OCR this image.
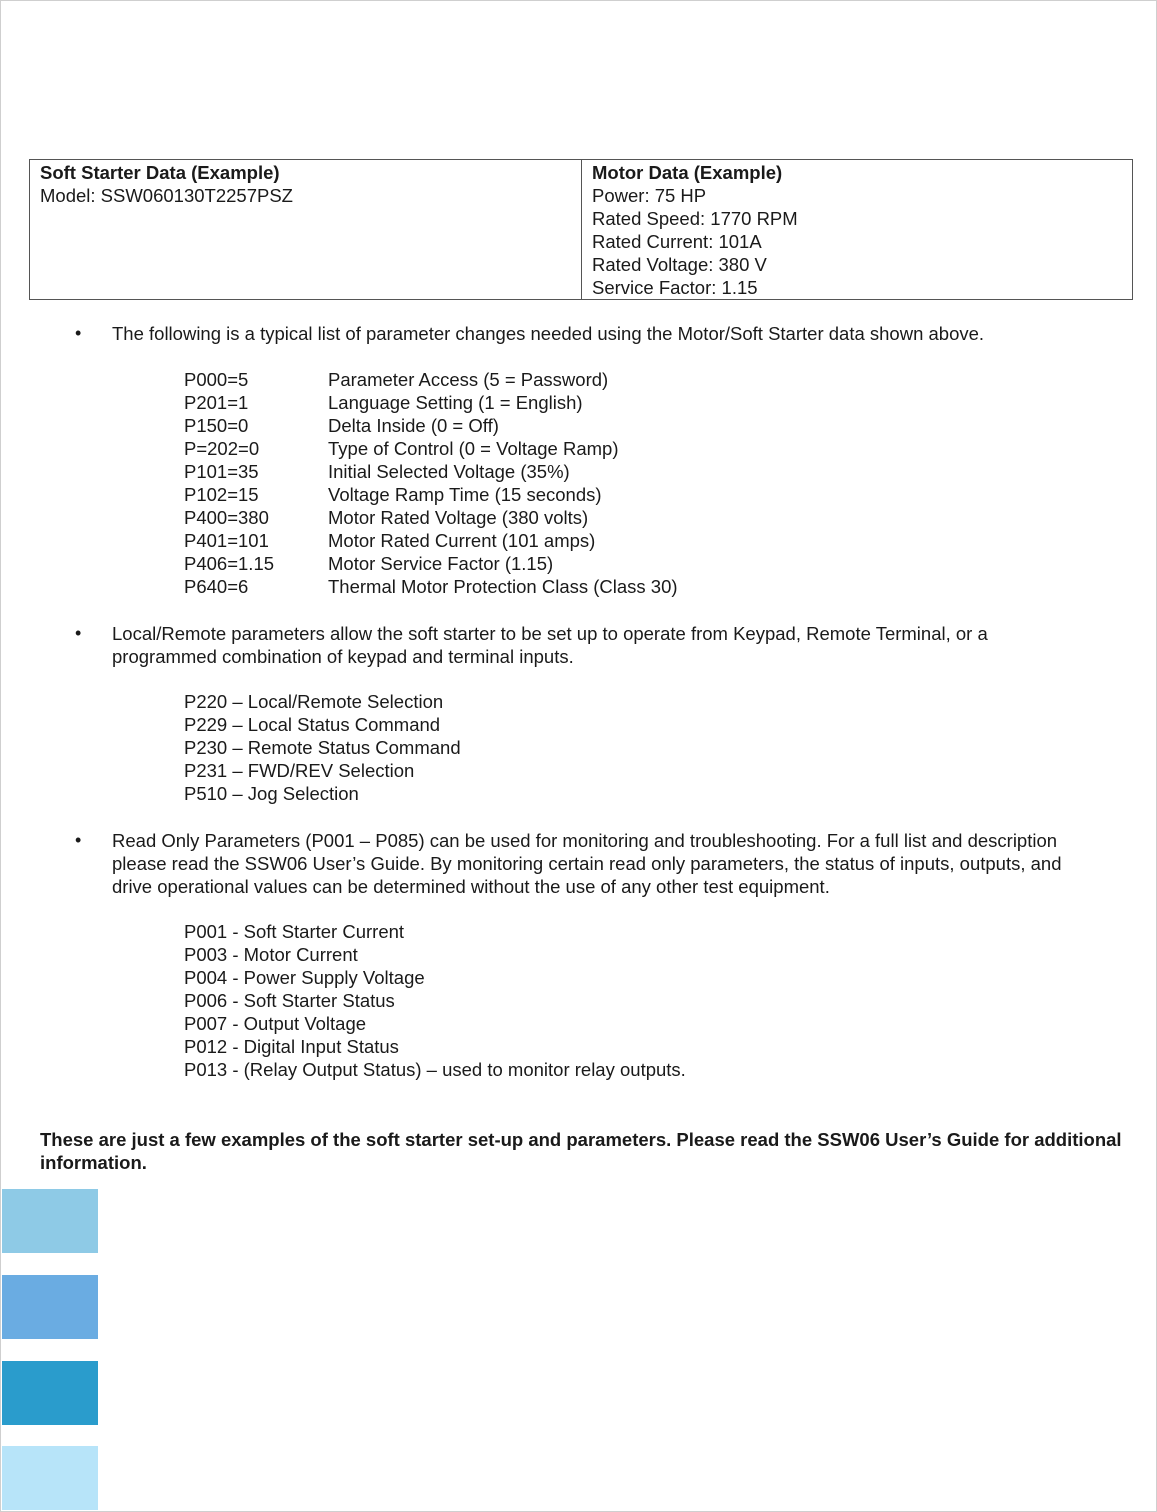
Soft Starter Data (Example)
Model: SSW060130T2257PSZ

Motor Data (Example)
Power: 75 HP
Rated Speed: 1770 RPM
Rated Current: 101A
Rated Voltage: 380 V
Service Factor: 1.15
• The following is a typical list of parameter changes needed using the Motor/Soft Starter data shown above.
P000=5	Parameter Access (5 = Password)
P201=1	Language Setting (1 = English)
P150=0	Delta Inside (0 = Off)
P=202=0	Type of Control (0 = Voltage Ramp)
P101=35	Initial Selected Voltage (35%)
P102=15	Voltage Ramp Time (15 seconds)
P400=380	Motor Rated Voltage (380 volts)
P401=101	Motor Rated Current (101 amps)
P406=1.15	Motor Service Factor (1.15)
P640=6	Thermal Motor Protection Class (Class 30)
• Local/Remote parameters allow the soft starter to be set up to operate from Keypad, Remote Terminal, or a programmed combination of keypad and terminal inputs.
P220 – Local/Remote Selection
P229 – Local Status Command
P230 – Remote Status Command
P231 – FWD/REV Selection
P510 – Jog Selection
• Read Only Parameters (P001 – P085) can be used for monitoring and troubleshooting. For a full list and description please read the SSW06 User’s Guide. By monitoring certain read only parameters, the status of inputs, outputs, and drive operational values can be determined without the use of any other test equipment.
P001 - Soft Starter Current
P003 - Motor Current
P004 - Power Supply Voltage
P006 - Soft Starter Status
P007 - Output Voltage
P012 - Digital Input Status
P013 - (Relay Output Status) – used to monitor relay outputs.
These are just a few examples of the soft starter set-up and parameters. Please read the SSW06 User’s Guide for additional information.
